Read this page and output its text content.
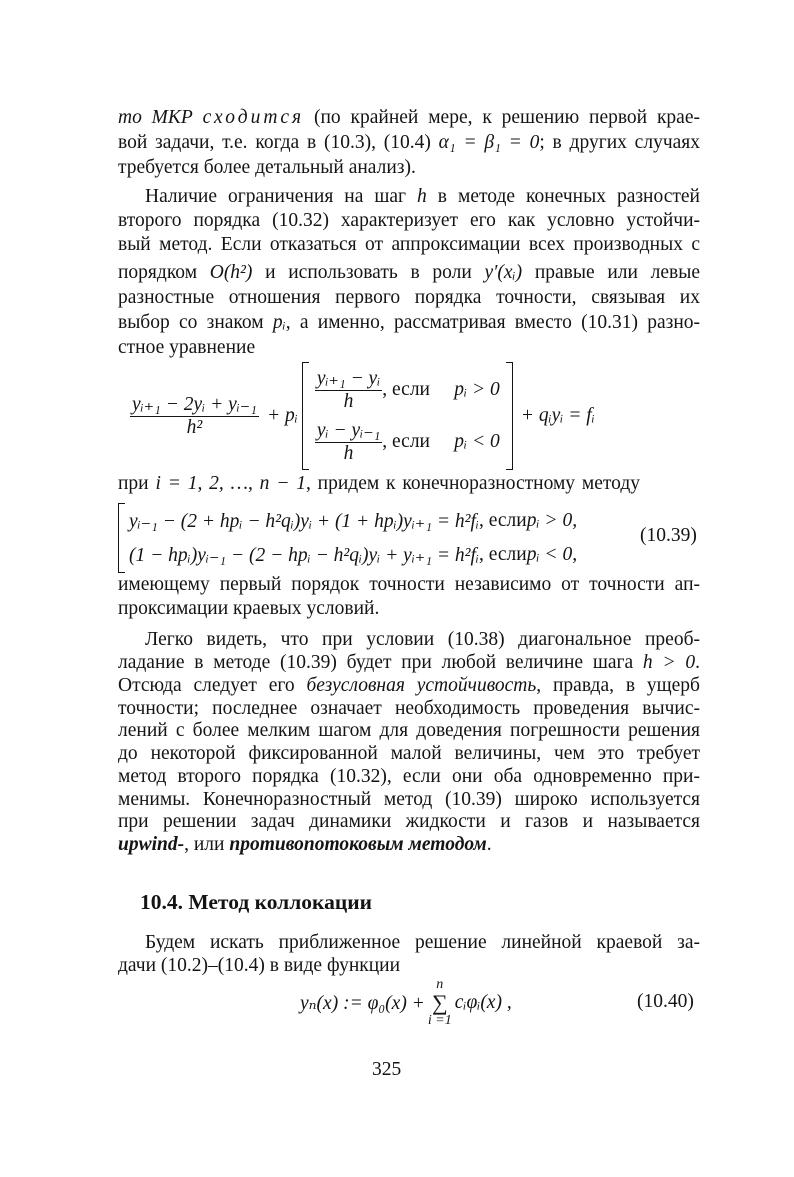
то МКР сходится (по крайней мере, к решению первой крае-
вой задачи, т.е. когда в (10.3), (10.4) α₁ = β₁ = 0; в других случаях
требуется более детальный анализ).
Наличие ограничения на шаг h в методе конечных разностей
второго порядка (10.32) характеризует его как условно устойчи-
вый метод. Если отказаться от аппроксимации всех производных с
порядком O(h²) и использовать в роли y′(xᵢ) правые или левые
разностные отношения первого порядка точности, связывая их
выбор со знаком pᵢ, а именно, рассматривая вместо (10.31) разно-
стное уравнение
$\frac{\text{yᵢ₊₁ − 2yᵢ + yᵢ₋₁}}{\text{h²}}$ + pᵢ
$\frac{\text{yᵢ₊₁ − yᵢ}}{h}$ , если	pᵢ > 0
$\frac{\text{yᵢ − yᵢ₋₁}}{h}$ , если	pᵢ < 0
+ qᵢyᵢ = fᵢ
при i = 1, 2, …, n − 1, придем к конечноразностному методу
yᵢ₋₁ − (2 + hpᵢ − h²qᵢ)yᵢ + (1 + hpᵢ)yᵢ₊₁ = h²fᵢ , если pᵢ > 0,
(1 − hpᵢ)yᵢ₋₁ − (2 − hpᵢ − h²qᵢ)yᵢ + yᵢ₊₁ = h²fᵢ , если pᵢ < 0,
(10.39)
имеющему первый порядок точности независимо от точности ап-
проксимации краевых условий.
Легко видеть, что при условии (10.38) диагональное преоб-
ладание в методе (10.39) будет при любой величине шага h > 0.
Отсюда следует его безусловная устойчивость, правда, в ущерб
точности; последнее означает необходимость проведения вычис-
лений с более мелким шагом для доведения погрешности решения
до некоторой фиксированной малой величины, чем это требует
метод второго порядка (10.32), если они оба одновременно при-
менимы. Конечноразностный метод (10.39) широко используется
при решении задач динамики жидкости и газов и называется
upwind-, или противопотоковым методом.
10.4. Метод коллокации
Будем искать приближенное решение линейной краевой за-
дачи (10.2)–(10.4) в виде функции
yₙ(x) := φ₀(x) +
n
∑
i =1
cᵢφᵢ(x) ,	(10.40)
325
